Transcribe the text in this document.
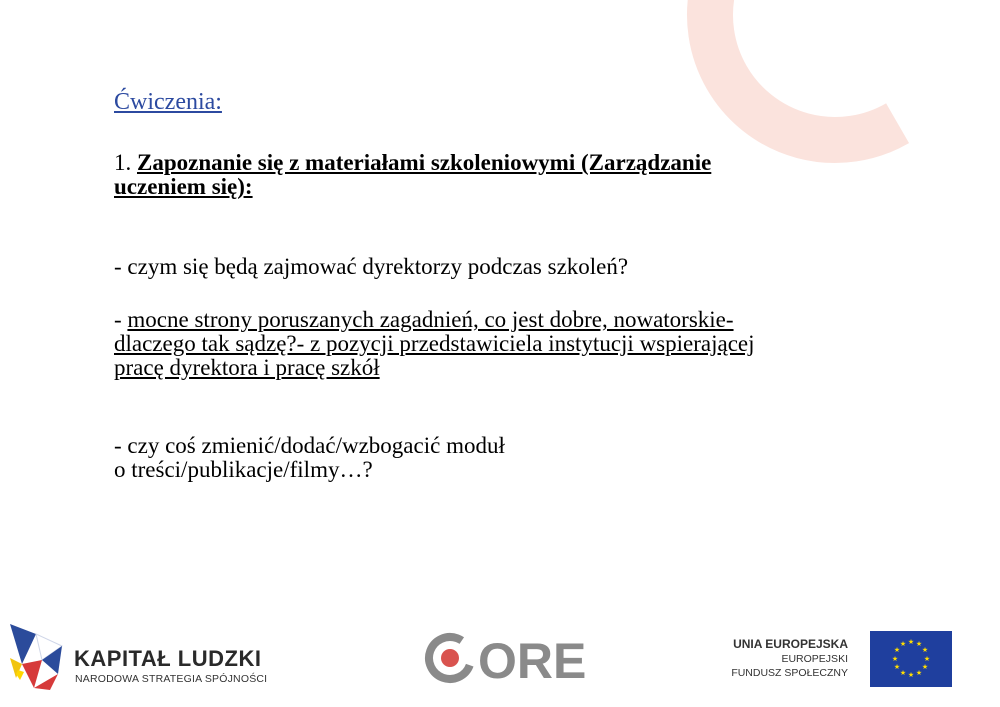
Ćwiczenia:
1. Zapoznanie się z materiałami szkoleniowymi (Zarządzanie
uczeniem się):
- czym się będą zajmować dyrektorzy podczas szkoleń?
- mocne strony poruszanych zagadnień, co jest dobre, nowatorskie-
dlaczego tak sądzę?- z pozycji przedstawiciela instytucji wspierającej
pracę dyrektora i pracę szkół
- czy coś zmienić/dodać/wzbogacić moduł
o treści/publikacje/filmy…?
KAPITAŁ LUDZKI
NARODOWA STRATEGIA SPÓJNOŚCI	ORE	UNIA EUROPEJSKA
EUROPEJSKI
FUNDUSZ SPOŁECZNY
★ ★
★
★
★
★
★
★
★
★
★
★
